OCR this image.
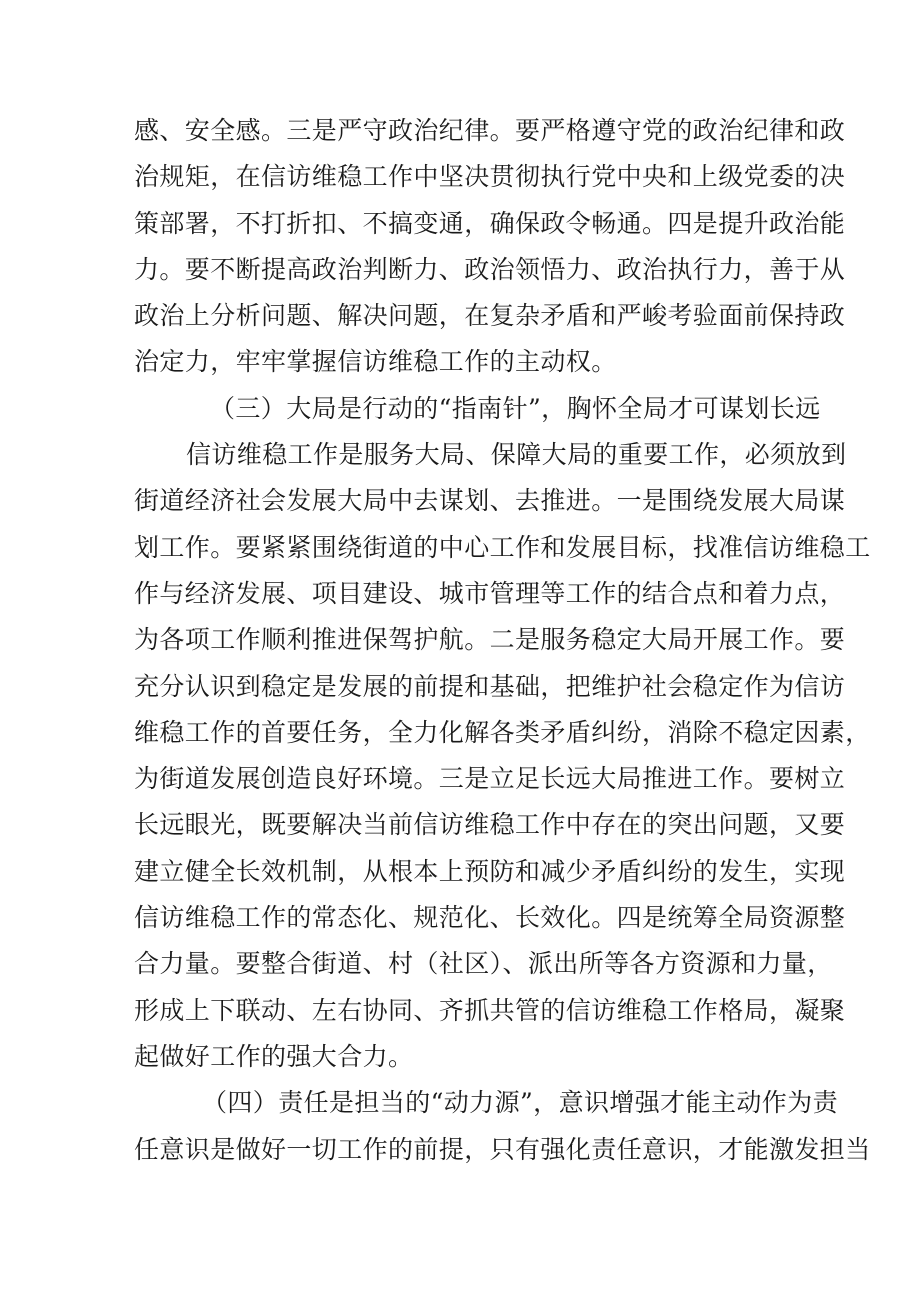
感、安全感。三是严守政治纪律。要严格遵守党的政治纪律和政
治规矩，在信访维稳工作中坚决贯彻执行党中央和上级党委的决
策部署，不打折扣、不搞变通，确保政令畅通。四是提升政治能
力。要不断提高政治判断力、政治领悟力、政治执行力，善于从
政治上分析问题、解决问题，在复杂矛盾和严峻考验面前保持政
治定力，牢牢掌握信访维稳工作的主动权。
（三）大局是行动的“指南针”，胸怀全局才可谋划长远
信访维稳工作是服务大局、保障大局的重要工作，必须放到
街道经济社会发展大局中去谋划、去推进。一是围绕发展大局谋
划工作。要紧紧围绕街道的中心工作和发展目标，找准信访维稳工
作与经济发展、项目建设、城市管理等工作的结合点和着力点，
为各项工作顺利推进保驾护航。二是服务稳定大局开展工作。要
充分认识到稳定是发展的前提和基础，把维护社会稳定作为信访
维稳工作的首要任务，全力化解各类矛盾纠纷，消除不稳定因素，
为街道发展创造良好环境。三是立足长远大局推进工作。要树立
长远眼光，既要解决当前信访维稳工作中存在的突出问题，又要
建立健全长效机制，从根本上预防和减少矛盾纠纷的发生，实现
信访维稳工作的常态化、规范化、长效化。四是统筹全局资源整
合力量。要整合街道、村（社区）、派出所等各方资源和力量，
形成上下联动、左右协同、齐抓共管的信访维稳工作格局，凝聚
起做好工作的强大合力。
（四）责任是担当的“动力源”，意识增强才能主动作为责
任意识是做好一切工作的前提，只有强化责任意识，才能激发担当
